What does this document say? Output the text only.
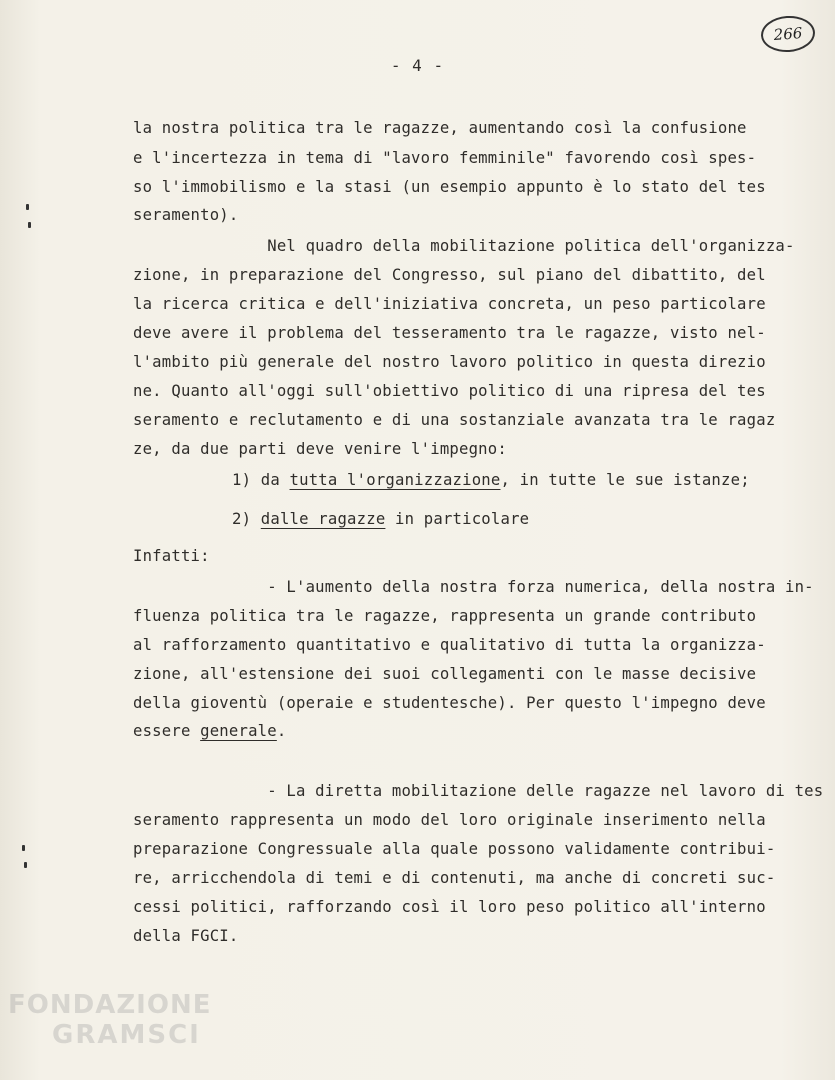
266
- 4 -
la nostra politica tra le ragazze, aumentando così la confusione
e l'incertezza in tema di "lavoro femminile" favorendo così spes-
so l'immobilismo e la stasi (un esempio appunto è lo stato del tes
seramento).
Nel quadro della mobilitazione politica dell'organizza-
zione, in preparazione del Congresso, sul piano del dibattito, del
la ricerca critica e dell'iniziativa concreta, un peso particolare
deve avere il problema del tesseramento tra le ragazze, visto nel-
l'ambito più generale del nostro lavoro politico in questa direzio
ne. Quanto all'oggi sull'obiettivo politico di una ripresa del tes
seramento e reclutamento e di una sostanziale avanzata tra le ragaz
ze, da due parti deve venire l'impegno:
1) da tutta l'organizzazione, in tutte le sue istanze;
2) dalle ragazze in particolare
Infatti:
- L'aumento della nostra forza numerica, della nostra in-
fluenza politica tra le ragazze, rappresenta un grande contributo
al rafforzamento quantitativo e qualitativo di tutta la organizza-
zione, all'estensione dei suoi collegamenti con le masse decisive
della gioventù (operaie e studentesche). Per questo l'impegno deve
essere generale.
- La diretta mobilitazione delle ragazze nel lavoro di tes
seramento rappresenta un modo del loro originale inserimento nella
preparazione Congressuale alla quale possono validamente contribui-
re, arricchendola di temi e di contenuti, ma anche di concreti suc-
cessi politici, rafforzando così il loro peso politico all'interno
della FGCI.
FONDAZIONE
GRAMSCI
